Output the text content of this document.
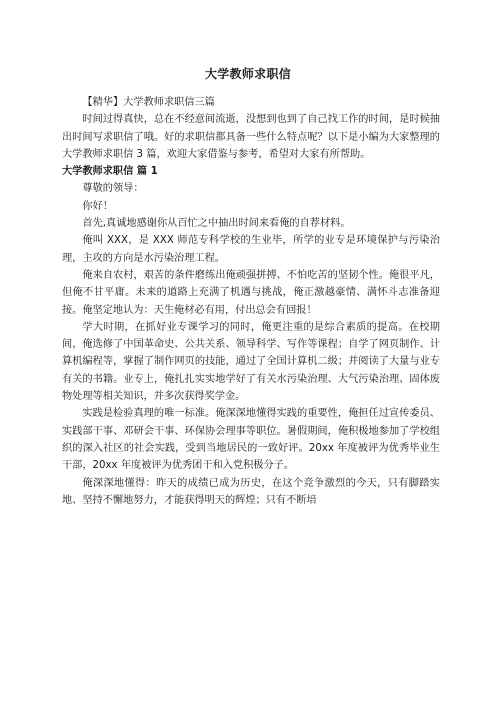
大学教师求职信

【精华】大学教师求职信三篇

时间过得真快，总在不经意间流逝，没想到也到了自己找工作的时间，是时候抽出时间写求职信了哦。好的求职信都具备一些什么特点呢？以下是小编为大家整理的大学教师求职信 3 篇，欢迎大家借鉴与参考，希望对大家有所帮助。

大学教师求职信 篇 1

尊敬的领导：

你好！

首先,真诚地感谢你从百忙之中抽出时间来看俺的自荐材料。

俺叫 XXX，是 XXX 师范专科学校的生业毕，所学的业专是环境保护与污染治理，主攻的方向是水污染治理工程。

俺来自农村，艰苦的条件磨练出俺顽强拼搏、不怕吃苦的坚韧个性。俺很平凡，但俺不甘平庸。未来的道路上充满了机遇与挑战，俺正激越豪情、满怀斗志准备迎接。俺坚定地认为：天生俺材必有用，付出总会有回报！

学大时期，在抓好业专课学习的同时，俺更注重的是综合素质的提高。在校期间，俺选修了中国革命史、公共关系、领导科学、写作等课程；自学了网页制作、计算机编程等，掌握了制作网页的技能，通过了全国计算机二级；并阅读了大量与业专有关的书籍。业专上，俺扎扎实实地学好了有关水污染治理、大气污染治理、固体废物处理等相关知识，并多次获得奖学金。

实践是检验真理的唯一标准。俺深深地懂得实践的重要性，俺担任过宣传委员、实践部干事、邓研会干事、环保协会理事等职位。暑假期间，俺积极地参加了学校组织的深入社区的社会实践，受到当地居民的一致好评。20xx 年度被评为优秀毕业生干部，20xx 年度被评为优秀团干和入党积极分子。

俺深深地懂得：昨天的成绩已成为历史，在这个竞争激烈的今天，只有脚踏实地、坚持不懈地努力，才能获得明天的辉煌；只有不断培
